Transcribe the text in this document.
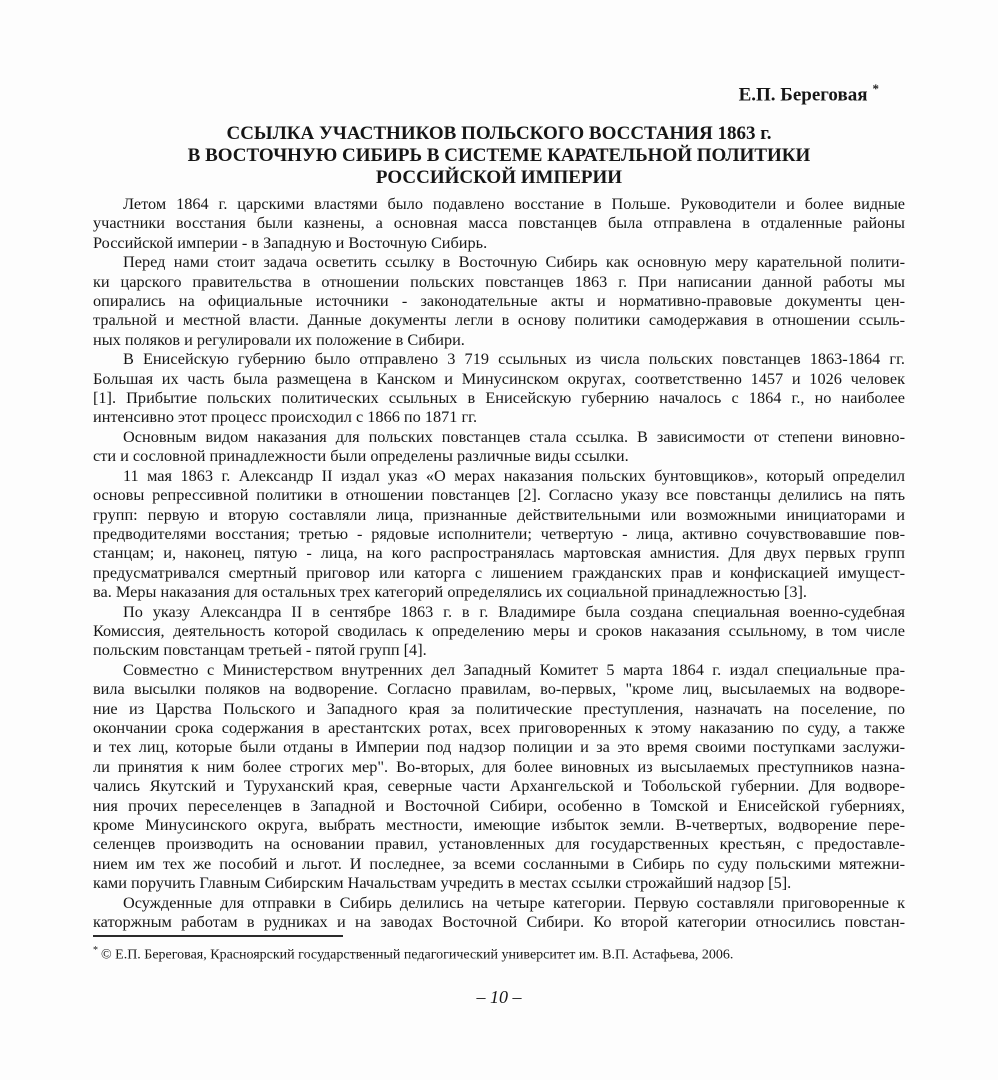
Е.П. Береговая *
ССЫЛКА УЧАСТНИКОВ ПОЛЬСКОГО ВОССТАНИЯ 1863 г.
В ВОСТОЧНУЮ СИБИРЬ В СИСТЕМЕ КАРАТЕЛЬНОЙ ПОЛИТИКИ
РОССИЙСКОЙ ИМПЕРИИ
Летом 1864 г. царскими властями было подавлено восстание в Польше. Руководители и более видные
участники восстания были казнены, а основная масса повстанцев была отправлена в отдаленные районы
Российской империи - в Западную и Восточную Сибирь.
Перед нами стоит задача осветить ссылку в Восточную Сибирь как основную меру карательной полити-
ки царского правительства в отношении польских повстанцев 1863 г. При написании данной работы мы
опирались на официальные источники - законодательные акты и нормативно-правовые документы цен-
тральной и местной власти. Данные документы легли в основу политики самодержавия в отношении ссыль-
ных поляков и регулировали их положение в Сибири.
В Енисейскую губернию было отправлено 3 719 ссыльных из числа польских повстанцев 1863-1864 гг.
Большая их часть была размещена в Канском и Минусинском округах, соответственно 1457 и 1026 человек
[1]. Прибытие польских политических ссыльных в Енисейскую губернию началось с 1864 г., но наиболее
интенсивно этот процесс происходил с 1866 по 1871 гг.
Основным видом наказания для польских повстанцев стала ссылка. В зависимости от степени виновно-
сти и сословной принадлежности были определены различные виды ссылки.
11 мая 1863 г. Александр II издал указ «О мерах наказания польских бунтовщиков», который определил
основы репрессивной политики в отношении повстанцев [2]. Согласно указу все повстанцы делились на пять
групп: первую и вторую составляли лица, признанные действительными или возможными инициаторами и
предводителями восстания; третью - рядовые исполнители; четвертую - лица, активно сочувствовавшие пов-
станцам; и, наконец, пятую - лица, на кого распространялась мартовская амнистия. Для двух первых групп
предусматривался смертный приговор или каторга с лишением гражданских прав и конфискацией имущест-
ва. Меры наказания для остальных трех категорий определялись их социальной принадлежностью [3].
По указу Александра II в сентябре 1863 г. в г. Владимире была создана специальная военно-судебная
Комиссия, деятельность которой сводилась к определению меры и сроков наказания ссыльному, в том числе
польским повстанцам третьей - пятой групп [4].
Совместно с Министерством внутренних дел Западный Комитет 5 марта 1864 г. издал специальные пра-
вила высылки поляков на водворение. Согласно правилам, во-первых, "кроме лиц, высылаемых на водворе-
ние из Царства Польского и Западного края за политические преступления, назначать на поселение, по
окончании срока содержания в арестантских ротах, всех приговоренных к этому наказанию по суду, а также
и тех лиц, которые были отданы в Империи под надзор полиции и за это время своими поступками заслужи-
ли принятия к ним более строгих мер". Во-вторых, для более виновных из высылаемых преступников назна-
чались Якутский и Туруханский края, северные части Архангельской и Тобольской губернии. Для водворе-
ния прочих переселенцев в Западной и Восточной Сибири, особенно в Томской и Енисейской губерниях,
кроме Минусинского округа, выбрать местности, имеющие избыток земли. В-четвертых, водворение пере-
селенцев производить на основании правил, установленных для государственных крестьян, с предоставле-
нием им тех же пособий и льгот. И последнее, за всеми сосланными в Сибирь по суду польскими мятежни-
ками поручить Главным Сибирским Начальствам учредить в местах ссылки строжайший надзор [5].
Осужденные для отправки в Сибирь делились на четыре категории. Первую составляли приговоренные к
каторжным работам в рудниках и на заводах Восточной Сибири. Ко второй категории относились повстан-
* © Е.П. Береговая, Красноярский государственный педагогический университет им. В.П. Астафьева, 2006.
– 10 –
